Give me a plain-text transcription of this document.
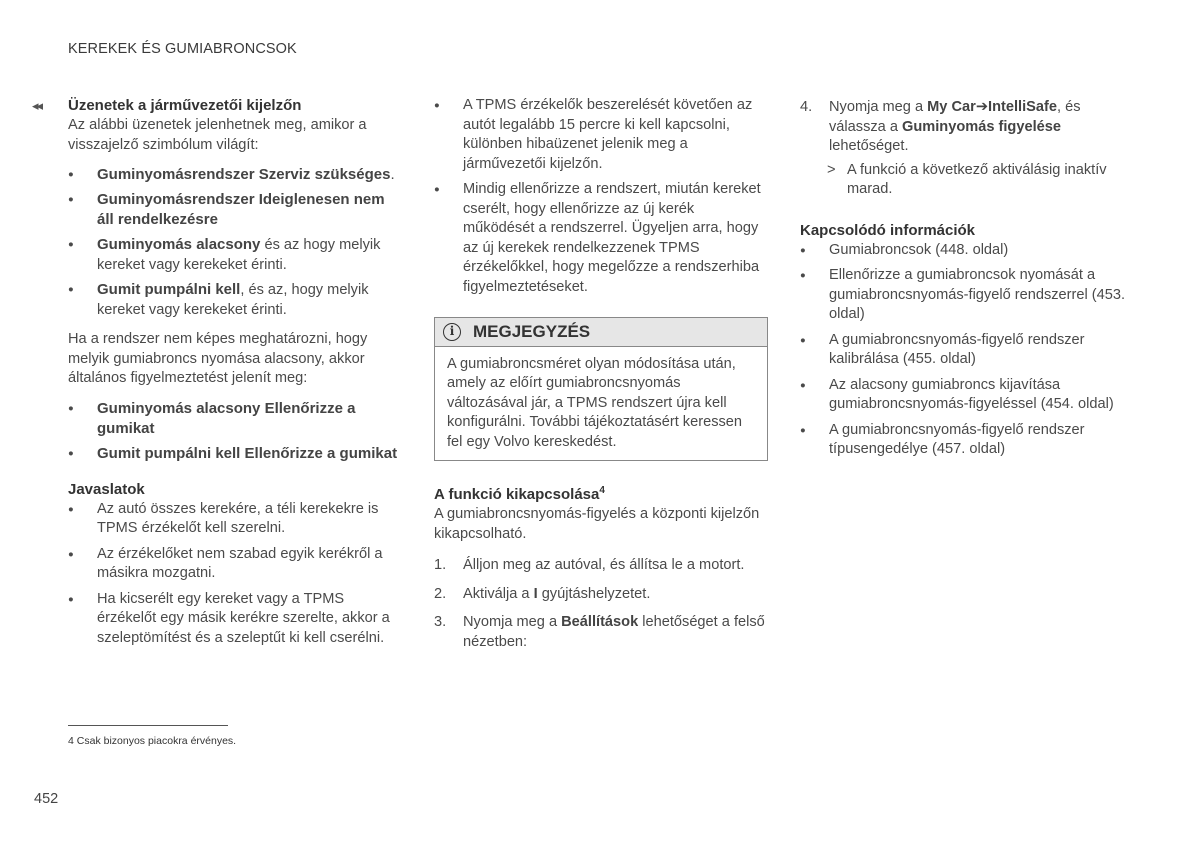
KEREKEK ÉS GUMIABRONCSOK
◂◂ Üzenetek a járművezetői kijelzőn

Az alábbi üzenetek jelenhetnek meg, amikor a visszajelző szimbólum világít:

● Guminyomásrendszer Szerviz szükséges.
● Guminyomásrendszer Ideiglenesen nem áll rendelkezésre
● Guminyomás alacsony és az hogy melyik kereket vagy kerekeket érinti.
● Gumit pumpálni kell, és az, hogy melyik kereket vagy kerekeket érinti.

Ha a rendszer nem képes meghatározni, hogy melyik gumiabroncs nyomása alacsony, akkor általános figyelmeztetést jelenít meg:

● Guminyomás alacsony Ellenőrizze a gumikat
● Gumit pumpálni kell Ellenőrizze a gumikat
Javaslatok
● Az autó összes kerekére, a téli kerekekre is TPMS érzékelőt kell szerelni.
● Az érzékelőket nem szabad egyik kerékről a másikra mozgatni.
● Ha kicserélt egy kereket vagy a TPMS érzékelőt egy másik kerékre szerelte, akkor a szeleptömítést és a szeleptűt ki kell cserélni.
● A TPMS érzékelők beszerelését követően az autót legalább 15 percre ki kell kapcsolni, különben hibaüzenet jelenik meg a járművezetői kijelzőn.
● Mindig ellenőrizze a rendszert, miután kereket cserélt, hogy ellenőrizze az új kerék működését a rendszerrel. Ügyeljen arra, hogy az új kerekek rendelkezzenek TPMS érzékelőkkel, hogy megelőzze a rendszerhiba figyelmeztetéseket.
i	MEGJEGYZÉS
A gumiabroncsméret olyan módosítása után, amely az előírt gumiabroncsnyomás változásával jár, a TPMS rendszert újra kell konfigurálni. További tájékoztatásért keressen fel egy Volvo kereskedést.
A funkció kikapcsolása$^4$

A gumiabroncsnyomás-figyelés a központi kijelzőn kikapcsolható.

1. Álljon meg az autóval, és állítsa le a motort.
2. Aktiválja a I gyújtáshelyzetet.
3. Nyomja meg a Beállítások lehetőséget a felső nézetben:
4. Nyomja meg a My Car➔IntelliSafe, és válassza a Guminyomás figyelése lehetőséget.
> A funkció a következő aktiválásig inaktív marad.
Kapcsolódó információk
● Gumiabroncsok (448. oldal)
● Ellenőrizze a gumiabroncsok nyomását a gumiabroncsnyomás-figyelő rendszerrel (453. oldal)
● A gumiabroncsnyomás-figyelő rendszer kalibrálása (455. oldal)
● Az alacsony gumiabroncs kijavítása gumiabroncsnyomás-figyeléssel (454. oldal)
● A gumiabroncsnyomás-figyelő rendszer típusengedélye (457. oldal)
4 Csak bizonyos piacokra érvényes.
452
